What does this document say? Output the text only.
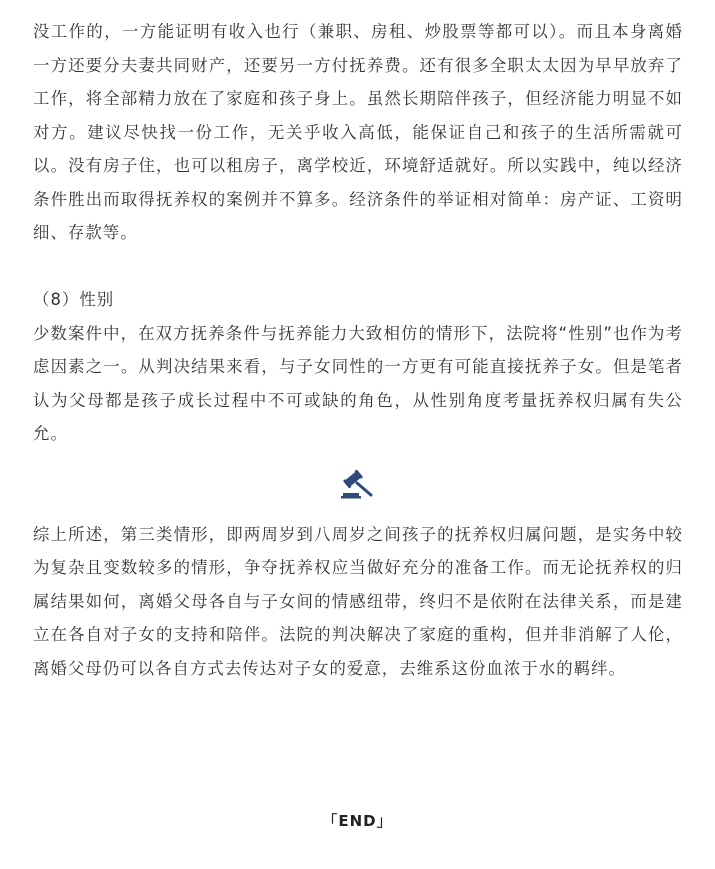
没工作的，一方能证明有收入也行（兼职、房租、炒股票等都可以）。而且本身离婚一方还要分夫妻共同财产，还要另一方付抚养费。还有很多全职太太因为早早放弃了工作，将全部精力放在了家庭和孩子身上。虽然长期陪伴孩子，但经济能力明显不如对方。建议尽快找一份工作，无关乎收入高低，能保证自己和孩子的生活所需就可以。没有房子住，也可以租房子，离学校近，环境舒适就好。所以实践中，纯以经济条件胜出而取得抚养权的案例并不算多。经济条件的举证相对简单：房产证、工资明细、存款等。

（8）性别

少数案件中，在双方抚养条件与抚养能力大致相仿的情形下，法院将“性别”也作为考虑因素之一。从判决结果来看，与子女同性的一方更有可能直接抚养子女。但是笔者认为父母都是孩子成长过程中不可或缺的角色，从性别角度考量抚养权归属有失公允。

综上所述，第三类情形，即两周岁到八周岁之间孩子的抚养权归属问题，是实务中较为复杂且变数较多的情形，争夺抚养权应当做好充分的准备工作。而无论抚养权的归属结果如何，离婚父母各自与子女间的情感纽带，终归不是依附在法律关系，而是建立在各自对子女的支持和陪伴。法院的判决解决了家庭的重构，但并非消解了人伦，离婚父母仍可以各自方式去传达对子女的爱意，去维系这份血浓于水的羁绊。

「END」
